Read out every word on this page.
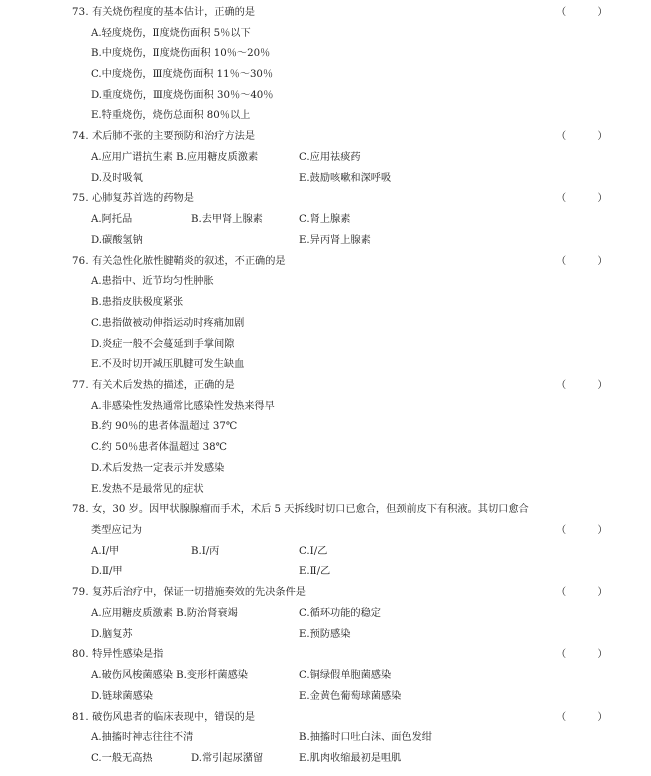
73. 有关烧伤程度的基本估计，正确的是	（ ）
A.轻度烧伤，Ⅱ度烧伤面积 5％以下
B.中度烧伤，Ⅱ度烧伤面积 10％～20％
C.中度烧伤，Ⅲ度烧伤面积 11％～30％
D.重度烧伤，Ⅲ度烧伤面积 30％～40％
E.特重烧伤，烧伤总面积 80％以上
74. 术后肺不张的主要预防和治疗方法是	（ ）
A.应用广谱抗生素 B.应用糖皮质激素	C.应用祛痰药
D.及时吸氧	E.鼓励咳嗽和深呼吸
75. 心肺复苏首选的药物是	（ ）
A.阿托品	B.去甲肾上腺素	C.肾上腺素
D.碳酸氢钠	E.异丙肾上腺素
76. 有关急性化脓性腱鞘炎的叙述，不正确的是	（ ）
A.患指中、近节均匀性肿胀
B.患指皮肤极度紧张
C.患指做被动伸指运动时疼痛加剧
D.炎症一般不会蔓延到手掌间隙
E.不及时切开减压肌腱可发生缺血
77. 有关术后发热的描述，正确的是	（ ）
A.非感染性发热通常比感染性发热来得早
B.约 90％的患者体温超过 37℃
C.约 50％患者体温超过 38℃
D.术后发热一定表示并发感染
E.发热不是最常见的症状
78. 女，30 岁。因甲状腺腺瘤而手术，术后 5 天拆线时切口已愈合，但颈前皮下有积液。其切口愈合
类型应记为	（ ）
A.Ⅰ/甲	B.Ⅰ/丙	C.Ⅰ/乙
D.Ⅱ/甲	E.Ⅱ/乙
79. 复苏后治疗中，保证一切措施奏效的先决条件是	（ ）
A.应用糖皮质激素 B.防治肾衰竭	C.循环功能的稳定
D.脑复苏	E.预防感染
80. 特异性感染是指	（ ）
A.破伤风梭菌感染 B.变形杆菌感染	C.铜绿假单胞菌感染
D.链球菌感染	E.金黄色葡萄球菌感染
81. 破伤风患者的临床表现中，错误的是	（ ）
A.抽搐时神志往往不清	B.抽搐时口吐白沫、面色发绀
C.一般无高热	D.常引起尿潴留	E.肌肉收缩最初是咀肌
